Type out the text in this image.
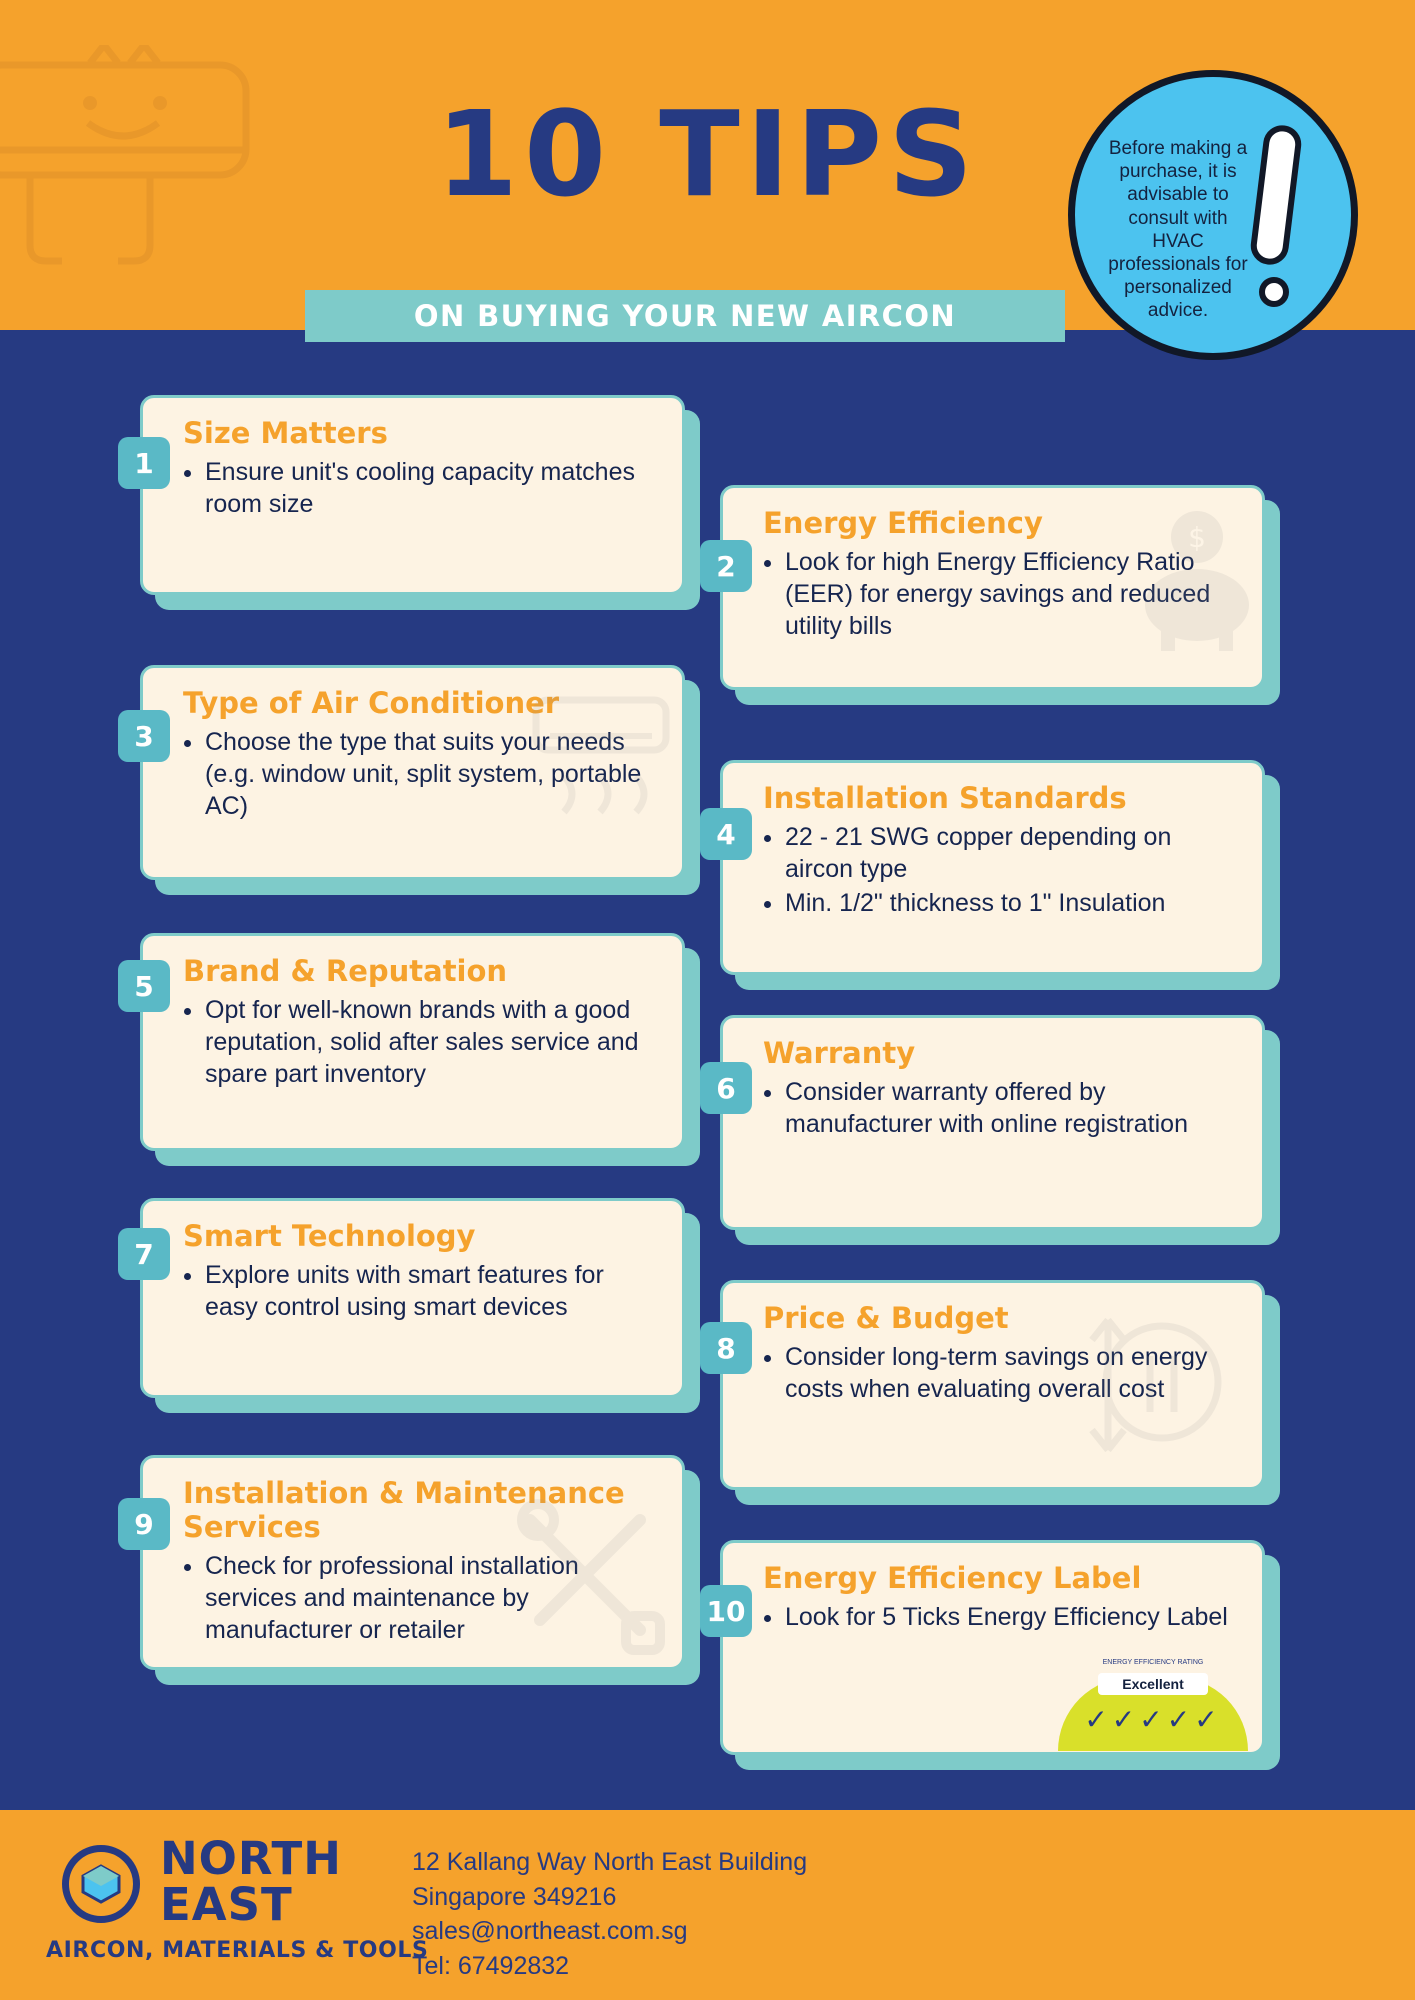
10 TIPS
ON BUYING YOUR NEW AIRCON
Before making a purchase, it is advisable to consult with HVAC professionals for personalized advice.
Size Matters
• Ensure unit's cooling capacity matches room size
1
Energy Efficiency
• Look for high Energy Efficiency Ratio (EER) for energy savings and reduced utility bills
2
Type of Air Conditioner
• Choose the type that suits your needs (e.g. window unit, split system, portable AC)
3
Installation Standards
• 22 - 21 SWG copper depending on aircon type
• Min. 1/2" thickness to 1" Insulation
4
Brand & Reputation
• Opt for well-known brands with a good reputation, solid after sales service and spare part inventory
5
Warranty
• Consider warranty offered by manufacturer with online registration
6
Smart Technology
• Explore units with smart features for easy control using smart devices
7
Price & Budget
• Consider long-term savings on energy costs when evaluating overall cost
8
Installation & Maintenance Services
• Check for professional installation services and maintenance by manufacturer or retailer
9
Energy Efficiency Label
• Look for 5 Ticks Energy Efficiency Label
ENERGY EFFICIENCY RATING
Excellent
✓✓✓✓✓
10
NORTH
EAST
AIRCON, MATERIALS & TOOLS
12 Kallang Way North East Building
Singapore 349216
sales@northeast.com.sg
Tel: 67492832
